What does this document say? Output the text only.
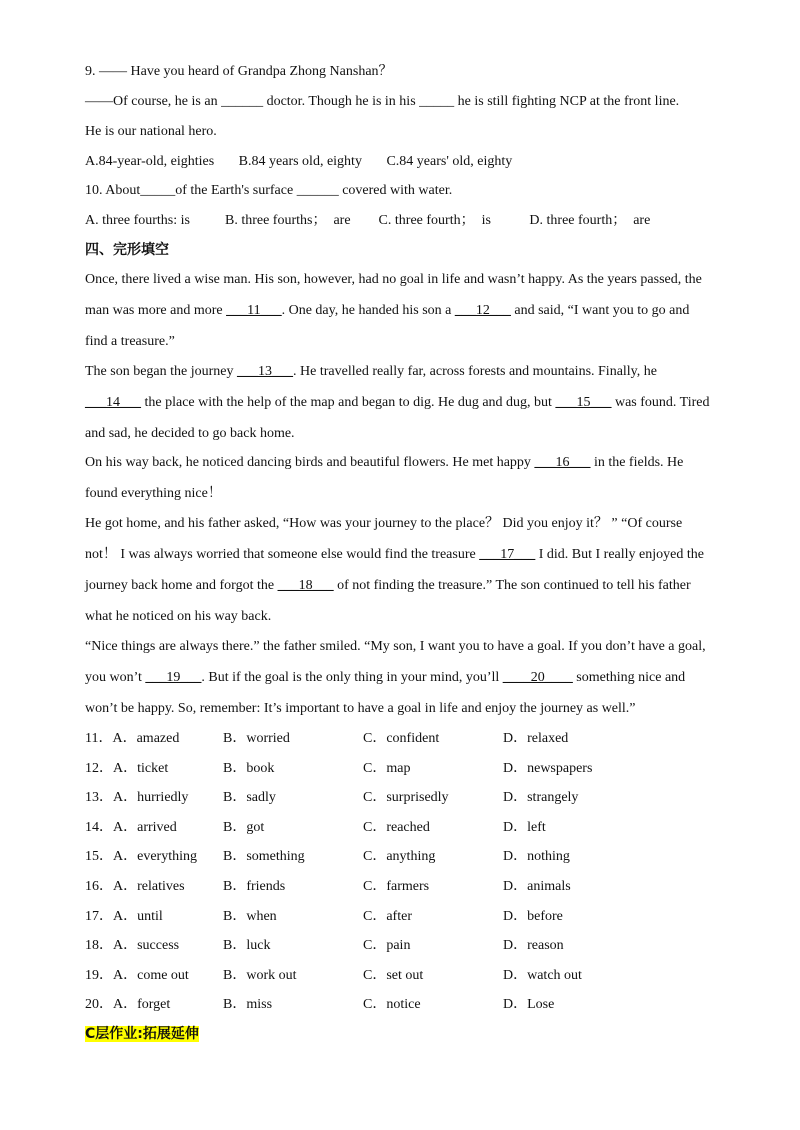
9. —— Have you heard of Grandpa Zhong Nanshan？
——Of course, he is an ______ doctor. Though he is in his _____ he is still fighting NCP at the front line.
He is our national hero.
A.84-year-old, eighties       B.84 years old, eighty       C.84 years' old, eighty
10. About_____of the Earth's surface ______ covered with water.
A. three fourths: is          B. three fourths；  are        C. three fourth；  is           D. three fourth；  are
四、完形填空
Once, there lived a wise man. His son, however, had no goal in life and wasn’t happy. As the years passed, the
man was more and more ___11___. One day, he handed his son a ___12___ and said, “I want you to go and
find a treasure.”
The son began the journey ___13___. He travelled really far, across forests and mountains. Finally, he
___14___ the place with the help of the map and began to dig. He dug and dug, but ___15___ was found. Tired
and sad, he decided to go back home.
On his way back, he noticed dancing birds and beautiful flowers. He met happy ___16___ in the fields. He
found everything nice！
He got home, and his father asked, “How was your journey to the place？ Did you enjoy it？ ” “Of course
not！ I was always worried that someone else would find the treasure ___17___ I did. But I really enjoyed the
journey back home and forgot the ___18___ of not finding the treasure.” The son continued to tell his father
what he noticed on his way back.
“Nice things are always there.” the father smiled. “My son, I want you to have a goal. If you don’t have a goal,
you won’t ___19___. But if the goal is the only thing in your mind, you’ll ____20____ something nice and
won’t be happy. So, remember: It’s important to have a goal in life and enjoy the journey as well.”
11．A．amazed	B．worried	C．confident	D．relaxed
12．A．ticket	B．book	C．map	D．newspapers
13．A．hurriedly B．sadly	C．surprisedly	D．strangely
14．A．arrived	B．got	C．reached	D．left
15．A．everything B．something	C．anything	D．nothing
16．A．relatives	B．friends	C．farmers	D．animals
17．A．until	B．when	C．after	D．before
18．A．success	B．luck	C．pain	D．reason
19．A．come out B．work out	C．set out	D．watch out
20．A．forget	B．miss	C．notice	D．Lose
C层作业:拓展延伸
